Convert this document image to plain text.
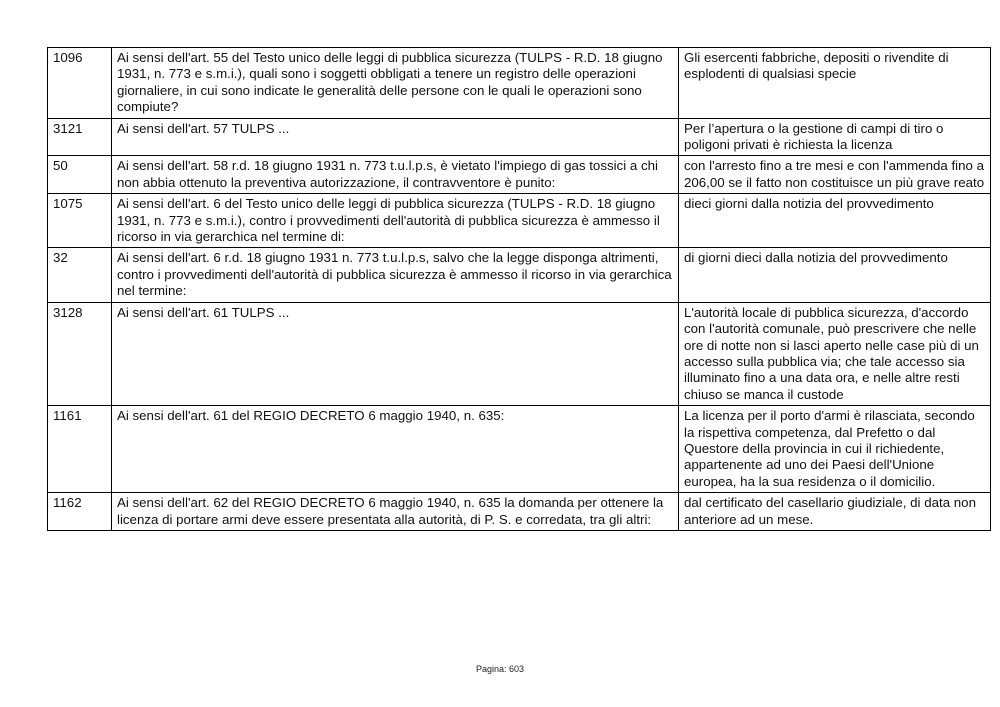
1096	Ai sensi dell'art. 55 del Testo unico delle leggi di pubblica sicurezza (TULPS - R.D. 18 giugno 1931, n. 773 e s.m.i.), quali sono i soggetti obbligati a tenere un registro delle operazioni giornaliere, in cui sono indicate le generalità delle persone con le quali le operazioni sono compiute?	Gli esercenti fabbriche, depositi o rivendite di esplodenti di qualsiasi specie
3121	Ai sensi dell'art. 57 TULPS ...	Per l’apertura o la gestione di campi di tiro o poligoni privati è richiesta la licenza
50	Ai sensi dell'art. 58 r.d. 18 giugno 1931 n. 773 t.u.l.p.s, è vietato l'impiego di gas tossici a chi non abbia ottenuto la preventiva autorizzazione, il contravventore è punito:	con l'arresto fino a tre mesi e con l'ammenda fino a 206,00 se il fatto non costituisce un più grave reato
1075	Ai sensi dell'art. 6 del Testo unico delle leggi di pubblica sicurezza (TULPS - R.D. 18 giugno 1931, n. 773 e s.m.i.), contro i provvedimenti dell'autorità di pubblica sicurezza è ammesso il ricorso in via gerarchica nel termine di:	dieci giorni dalla notizia del provvedimento
32	Ai sensi dell'art. 6 r.d. 18 giugno 1931 n. 773 t.u.l.p.s, salvo che la legge disponga altrimenti, contro i provvedimenti dell'autorità di pubblica sicurezza è ammesso il ricorso in via gerarchica nel termine:	di giorni dieci dalla notizia del provvedimento
3128	Ai sensi dell'art. 61 TULPS ...	L'autorità locale di pubblica sicurezza, d'accordo con l'autorità comunale, può prescrivere che nelle ore di notte non si lasci aperto nelle case più di un accesso sulla pubblica via; che tale accesso sia illuminato fino a una data ora, e nelle altre resti chiuso se manca il custode
1161	Ai sensi dell'art. 61 del REGIO DECRETO 6 maggio 1940, n. 635:	La licenza per il porto d'armi è rilasciata, secondo la rispettiva competenza, dal Prefetto o dal Questore della provincia in cui il richiedente, appartenente ad uno dei Paesi dell'Unione europea, ha la sua residenza o il domicilio.
1162	Ai sensi dell'art. 62 del REGIO DECRETO 6 maggio 1940, n. 635 la domanda per ottenere la licenza di portare armi deve essere presentata alla autorità, di P. S. e corredata, tra gli altri:	dal certificato del casellario giudiziale, di data non anteriore ad un mese.
Pagina: 603
